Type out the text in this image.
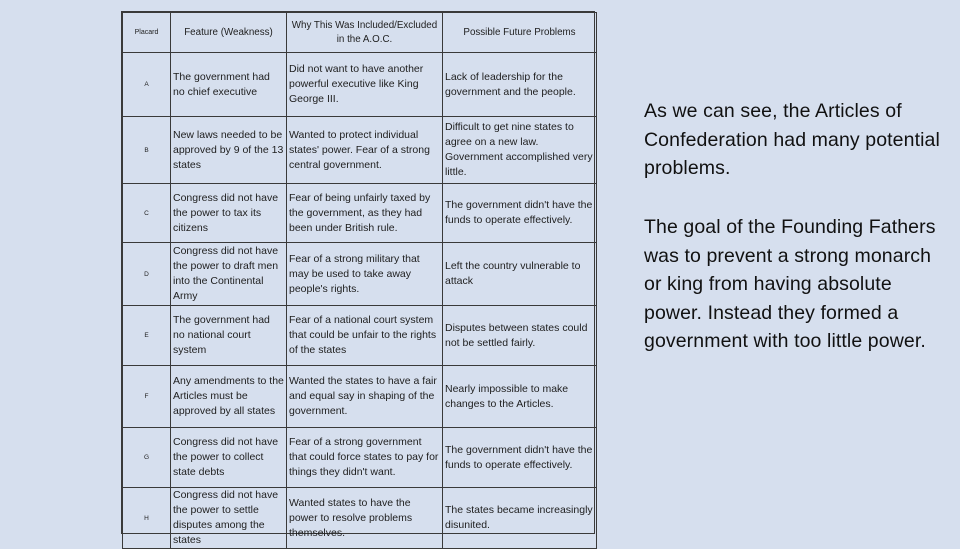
Placard	Feature (Weakness)	Why This Was Included/Excluded in the A.O.C.	Possible Future Problems
A	The government had no chief executive	Did not want to have another powerful executive like King George III.	Lack of leadership for the government and the people.
B	New laws needed to be approved by 9 of the 13 states	Wanted to protect individual states' power. Fear of a strong central government.	Difficult to get nine states to agree on a new law. Government accomplished very little.
C	Congress did not have the power to tax its citizens	Fear of being unfairly taxed by the government, as they had been under British rule.	The government didn't have the funds to operate effectively.
D	Congress did not have the power to draft men into the Continental Army	Fear of a strong military that may be used to take away people's rights.	Left the country vulnerable to attack
E	The government had no national court system	Fear of a national court system that could be unfair to the rights of the states	Disputes between states could not be settled fairly.
F	Any amendments to the Articles must be approved by all states	Wanted the states to have a fair and equal say in shaping of the government.	Nearly impossible to make changes to the Articles.
G	Congress did not have the power to collect state debts	Fear of a strong government that could force states to pay for things they didn't want.	The government didn't have the funds to operate effectively.
H	Congress did not have the power to settle disputes among the states	Wanted states to have the power to resolve problems themselves.	The states became increasingly disunited.
As we can see, the Articles of Confederation had many potential problems.
The goal of the Founding Fathers was to prevent a strong monarch or king from having absolute power. Instead they formed a government with too little power.
